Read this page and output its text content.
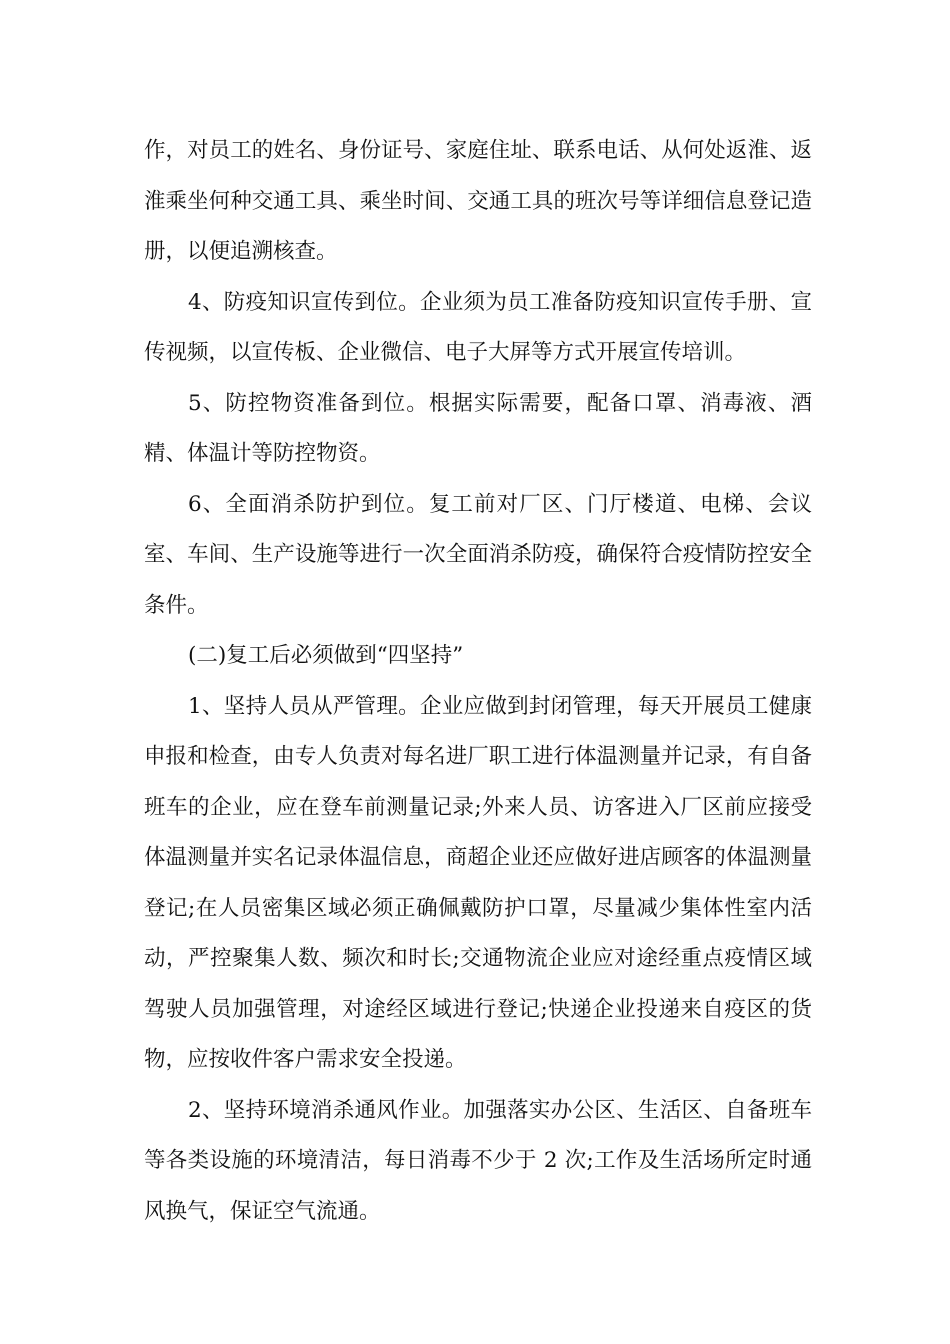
作，对员工的姓名、身份证号、家庭住址、联系电话、从何处返淮、返淮乘坐何种交通工具、乘坐时间、交通工具的班次号等详细信息登记造册，以便追溯核查。

4、防疫知识宣传到位。企业须为员工准备防疫知识宣传手册、宣传视频，以宣传板、企业微信、电子大屏等方式开展宣传培训。

5、防控物资准备到位。根据实际需要，配备口罩、消毒液、酒精、体温计等防控物资。

6、全面消杀防护到位。复工前对厂区、门厅楼道、电梯、会议室、车间、生产设施等进行一次全面消杀防疫，确保符合疫情防控安全条件。

(二)复工后必须做到“四坚持”

1、坚持人员从严管理。企业应做到封闭管理，每天开展员工健康申报和检查，由专人负责对每名进厂职工进行体温测量并记录，有自备班车的企业，应在登车前测量记录;外来人员、访客进入厂区前应接受体温测量并实名记录体温信息，商超企业还应做好进店顾客的体温测量登记;在人员密集区域必须正确佩戴防护口罩，尽量减少集体性室内活动，严控聚集人数、频次和时长;交通物流企业应对途经重点疫情区域驾驶人员加强管理，对途经区域进行登记;快递企业投递来自疫区的货物，应按收件客户需求安全投递。

2、坚持环境消杀通风作业。加强落实办公区、生活区、自备班车等各类设施的环境清洁，每日消毒不少于 2 次;工作及生活场所定时通风换气，保证空气流通。
